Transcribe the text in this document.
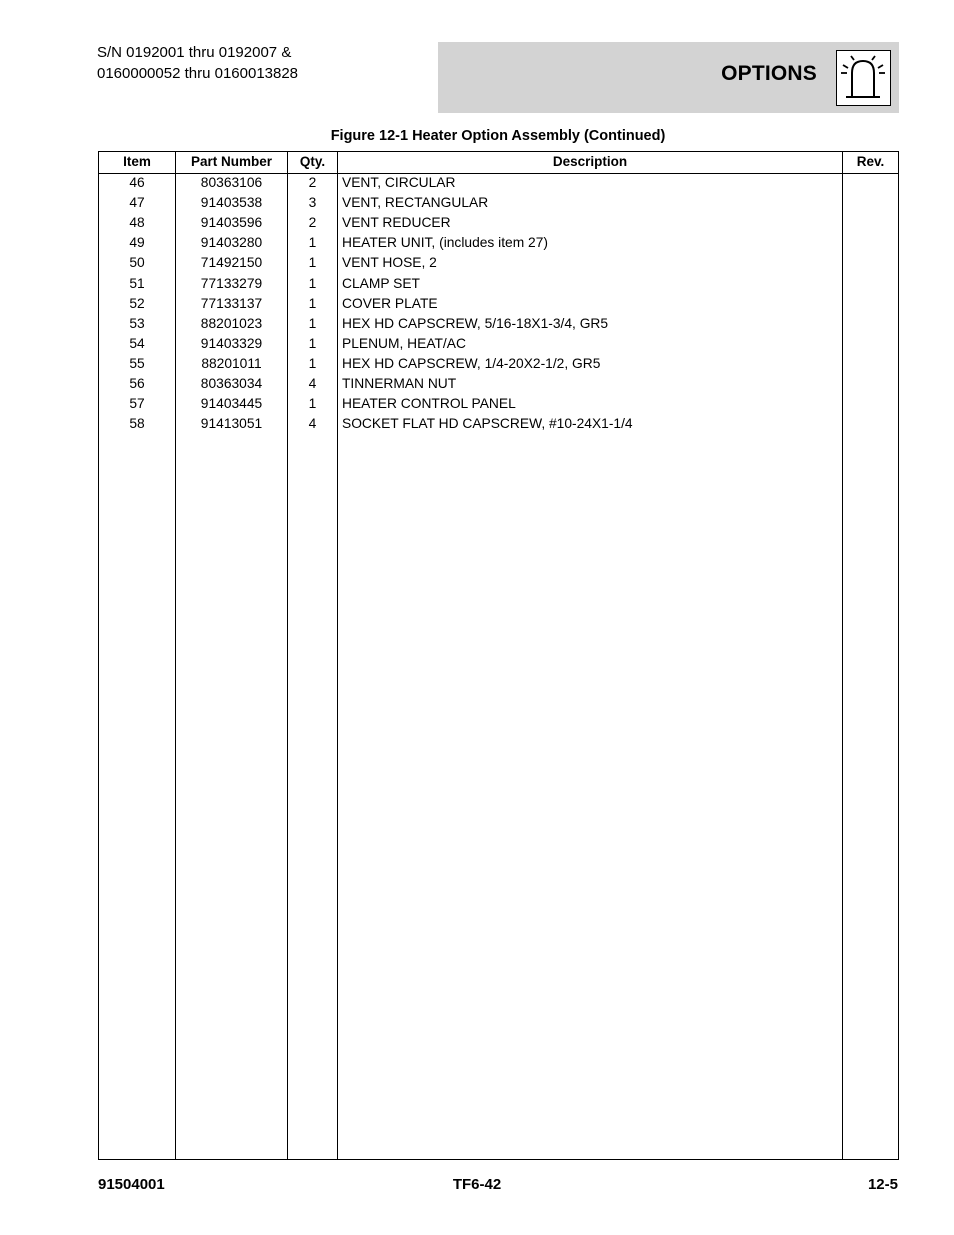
S/N 0192001 thru 0192007 &
0160000052 thru 0160013828	OPTIONS
Figure 12-1 Heater Option Assembly (Continued)
Item	Part Number	Qty.	Description	Rev.
46	80363106	2	VENT, CIRCULAR
47	91403538	3	VENT, RECTANGULAR
48	91403596	2	VENT REDUCER
49	91403280	1	HEATER UNIT, (includes item 27)
50	71492150	1	VENT HOSE, 2
51	77133279	1	CLAMP SET
52	77133137	1	COVER PLATE
53	88201023	1	HEX HD CAPSCREW, 5/16-18X1-3/4, GR5
54	91403329	1	PLENUM, HEAT/AC
55	88201011	1	HEX HD CAPSCREW, 1/4-20X2-1/2, GR5
56	80363034	4	TINNERMAN NUT
57	91403445	1	HEATER CONTROL PANEL
58	91413051	4	SOCKET FLAT HD CAPSCREW, #10-24X1-1/4
91504001	TF6-42	12-5
